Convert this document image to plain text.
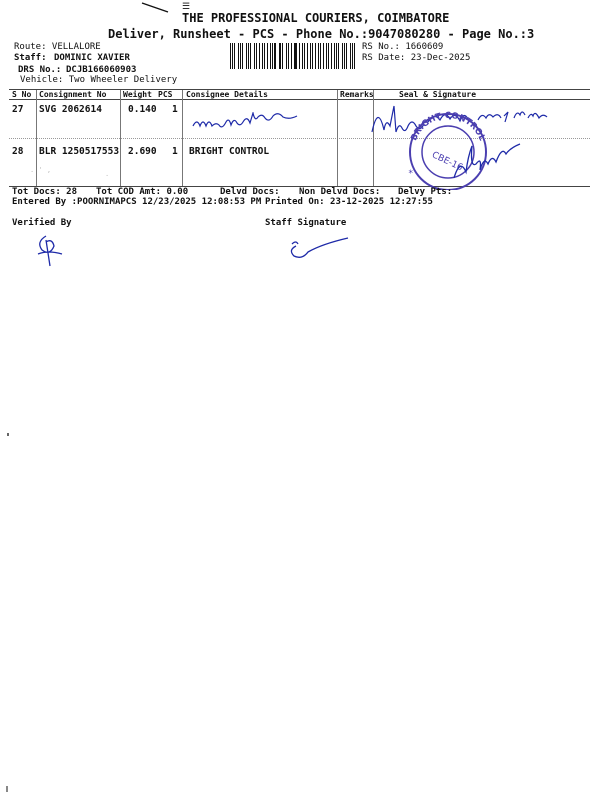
☰
THE PROFESSIONAL COURIERS, COIMBATORE
Deliver, Runsheet - PCS - Phone No.:9047080280 - Page No.:3
Route: VELLALORE
Staff: DOMINIC XAVIER
DRS No.: DCJB166060903
Vehicle: Two Wheeler Delivery
RS No.: 1660609
RS Date: 23-Dec-2025
S No Consignment No Weight PCS Consignee Details	Remarks	Seal & Signature
27 SVG 2062614	0.140 1
28 BLR 1250517553 2.690 1 BRIGHT CONTROL
BRIGHT CONTROL
CBE-16
*
. ' ,	.
Tot Docs: 28 Tot COD Amt: 0.00	Delvd Docs: Non Delvd Docs: Delvy Pts:
Entered By :POORNIMAPCS 12/23/2025 12:08:53 PM Printed On: 23-12-2025 12:27:55
Verified By	Staff Signature
